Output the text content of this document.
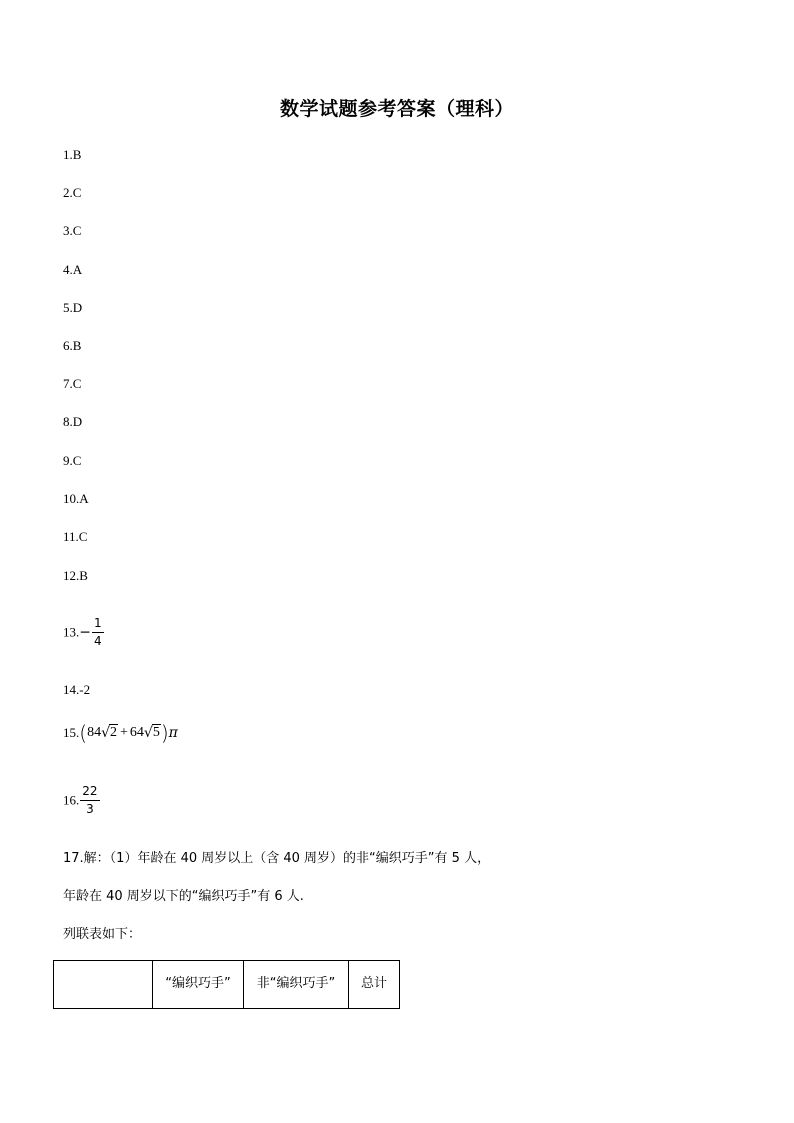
数学试题参考答案（理科）
1.B
2.C
3.C
4.A
5.D
6.B
7.C
8.D
9.C
10.A
11.C
12.B
$13.- \frac{1}{4}$
14.-2
15.(84√2 + 64√5)π
16. $\frac{22}{3}$
17.解：（1）年龄在 40 周岁以上（含 40 周岁）的非“编织巧手”有 5 人，
年龄在 40 周岁以下的“编织巧手”有 6 人.
列联表如下：
	“编织巧手”	非“编织巧手”	总计
